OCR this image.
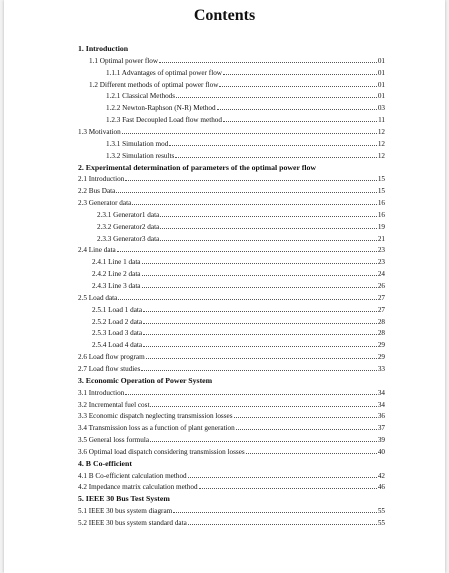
Contents
1. Introduction
1.1 Optimal power flow	01
1.1.1 Advantages of optimal power flow	01
1.2 Different methods of optimal power flow	01
1.2.1 Classical Methods	01
1.2.2 Newton-Raphson (N-R) Method	03
1.2.3 Fast Decoupled Load flow method	11
1.3 Motivation	12
1.3.1 Simulation mod	12
1.3.2 Simulation results	12
2. Experimental determination of parameters of the optimal power flow
2.1 Introduction	15
2.2 Bus Data	15
2.3 Generator data	16
2.3.1 Generator1 data	16
2.3.2 Generator2 data	19
2.3.3 Generator3 data	21
2.4 Line data	23
2.4.1 Line 1 data	23
2.4.2 Line 2 data	24
2.4.3 Line 3 data	26
2.5 Load data	27
2.5.1 Load 1 data	27
2.5.2 Load 2 data	28
2.5.3 Load 3 data	28
2.5.4 Load 4 data	29
2.6 Load flow program	29
2.7 Load flow studies	33
3. Economic Operation of Power System
3.1 Introduction	34
3.2 Incremental fuel cost	34
3.3 Economic dispatch neglecting transmission losses	36
3.4 Transmission loss as a function of plant generation	37
3.5 General loss formula	39
3.6 Optimal load dispatch considering transmission losses	40
4. B Co-efficient
4.1 B Co-efficient calculation method	42
4.2 Impedance matrix calculation method	46
5. IEEE 30 Bus Test System
5.1 IEEE 30 bus system diagram	55
5.2 IEEE 30 bus system standard data	55
